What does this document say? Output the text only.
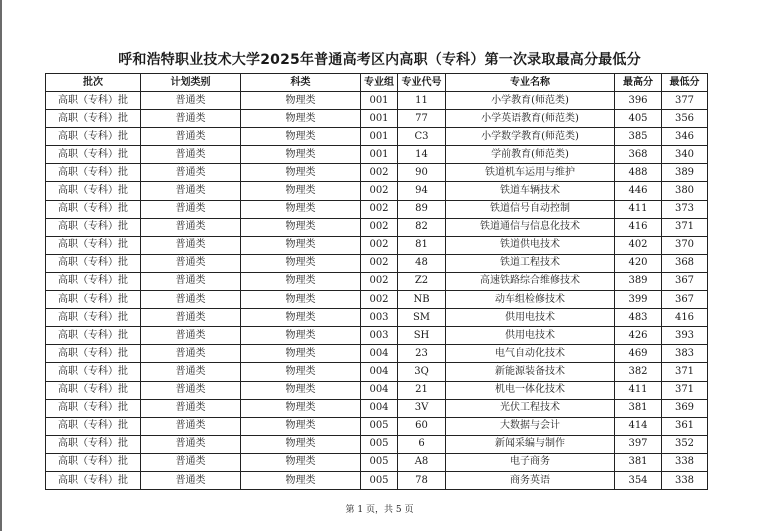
呼和浩特职业技术大学2025年普通高考区内高职（专科）第一次录取最高分最低分
批次	计划类别	科类	专业组	专业代号	专业名称	最高分	最低分
高职（专科）批	普通类	物理类	001	11	小学教育(师范类)	396	377
高职（专科）批	普通类	物理类	001	77	小学英语教育(师范类)	405	356
高职（专科）批	普通类	物理类	001	C3	小学数学教育(师范类)	385	346
高职（专科）批	普通类	物理类	001	14	学前教育(师范类)	368	340
高职（专科）批	普通类	物理类	002	90	铁道机车运用与维护	488	389
高职（专科）批	普通类	物理类	002	94	铁道车辆技术	446	380
高职（专科）批	普通类	物理类	002	89	铁道信号自动控制	411	373
高职（专科）批	普通类	物理类	002	82	铁道通信与信息化技术	416	371
高职（专科）批	普通类	物理类	002	81	铁道供电技术	402	370
高职（专科）批	普通类	物理类	002	48	铁道工程技术	420	368
高职（专科）批	普通类	物理类	002	Z2	高速铁路综合维修技术	389	367
高职（专科）批	普通类	物理类	002	NB	动车组检修技术	399	367
高职（专科）批	普通类	物理类	003	SM	供用电技术	483	416
高职（专科）批	普通类	物理类	003	SH	供用电技术	426	393
高职（专科）批	普通类	物理类	004	23	电气自动化技术	469	383
高职（专科）批	普通类	物理类	004	3Q	新能源装备技术	382	371
高职（专科）批	普通类	物理类	004	21	机电一体化技术	411	371
高职（专科）批	普通类	物理类	004	3V	光伏工程技术	381	369
高职（专科）批	普通类	物理类	005	60	大数据与会计	414	361
高职（专科）批	普通类	物理类	005	6	新闻采编与制作	397	352
高职（专科）批	普通类	物理类	005	A8	电子商务	381	338
高职（专科）批	普通类	物理类	005	78	商务英语	354	338
第 1 页，共 5 页
